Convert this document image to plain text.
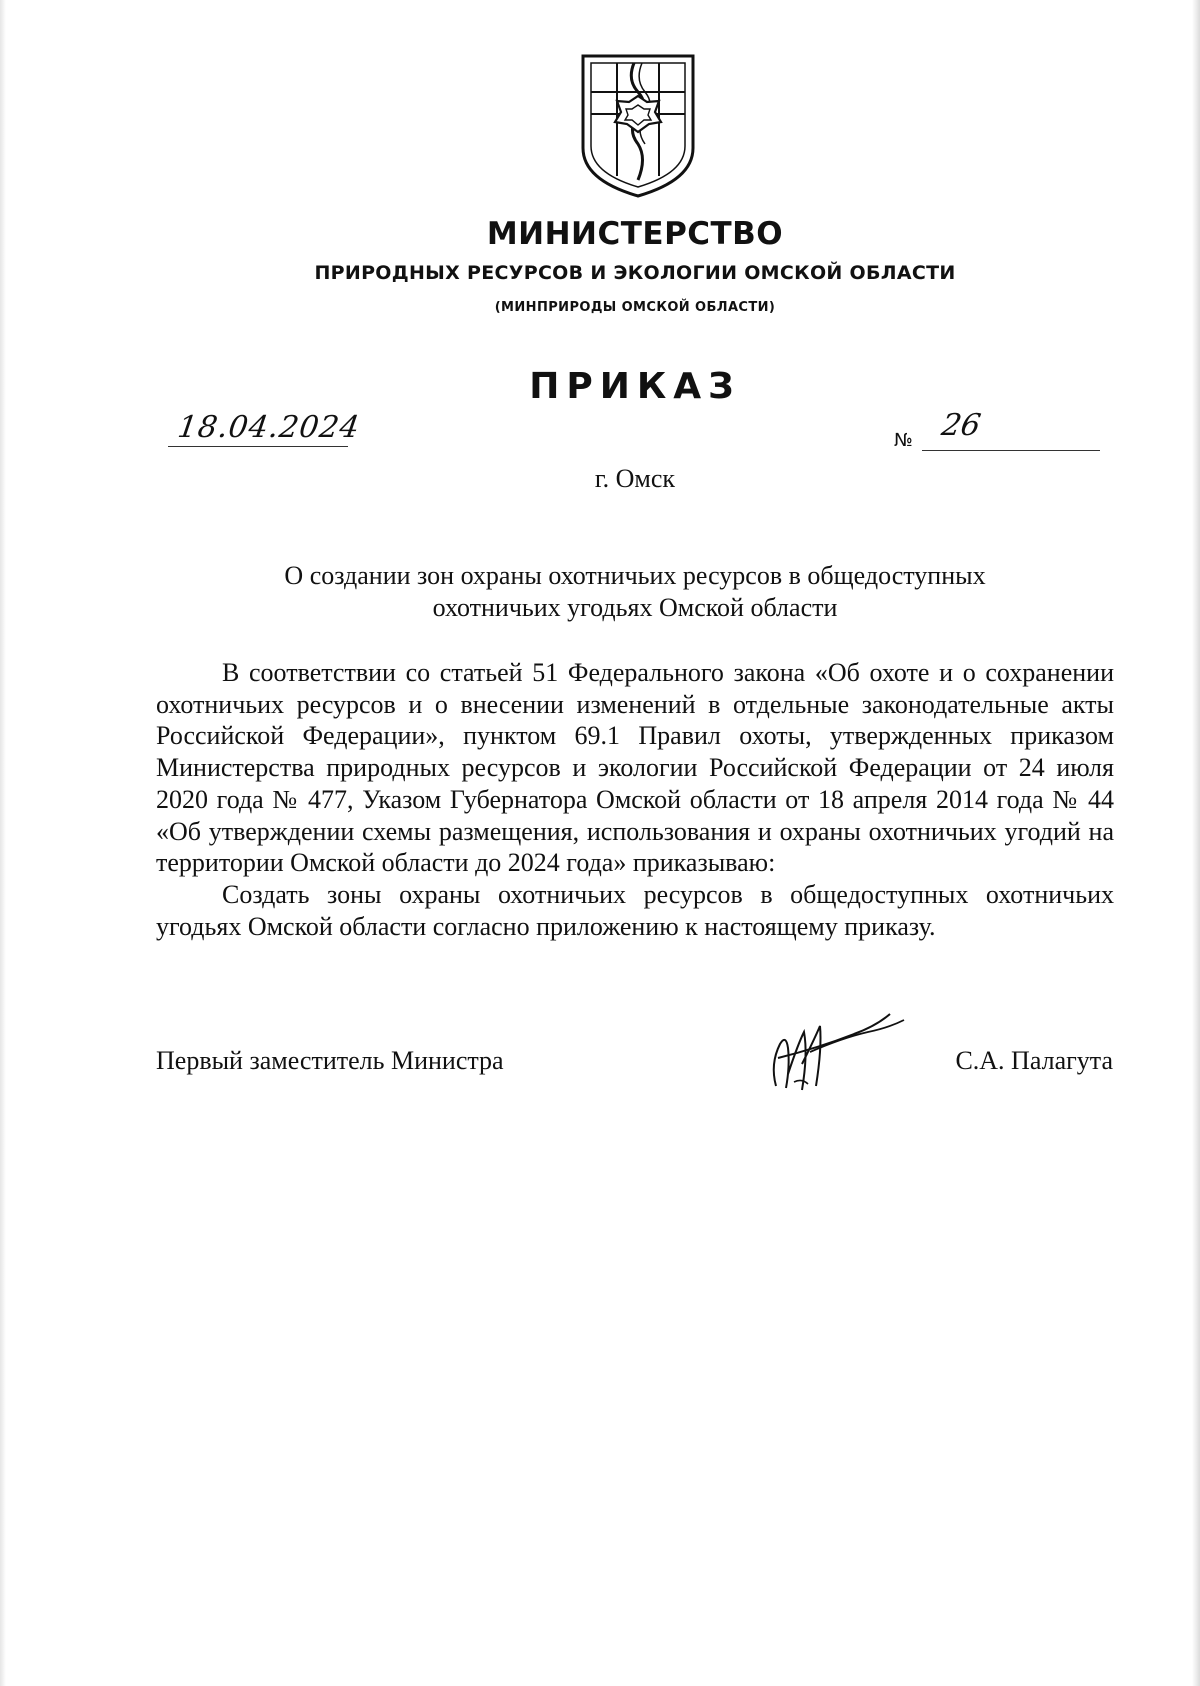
МИНИСТЕРСТВО
ПРИРОДНЫХ РЕСУРСОВ И ЭКОЛОГИИ ОМСКОЙ ОБЛАСТИ
(МИНПРИРОДЫ ОМСКОЙ ОБЛАСТИ)
ПРИКАЗ
18.04.2024	№ 26
г. Омск
О создании зон охраны охотничьих ресурсов в общедоступных
охотничьих угодьях Омской области

В соответствии со статьей 51 Федерального закона «Об охоте и о сохранении охотничьих ресурсов и о внесении изменений в отдельные законодательные акты Российской Федерации», пунктом 69.1 Правил охоты, утвержденных приказом Министерства природных ресурсов и экологии Российской Федерации от 24 июля 2020 года № 477, Указом Губернатора Омской области от 18 апреля 2014 года № 44 «Об утверждении схемы размещения, использования и охраны охотничьих угодий на территории Омской области до 2024 года» приказываю:

Создать зоны охраны охотничьих ресурсов в общедоступных охотничьих угодьях Омской области согласно приложению к настоящему приказу.

Первый заместитель Министра	С.А. Палагута
